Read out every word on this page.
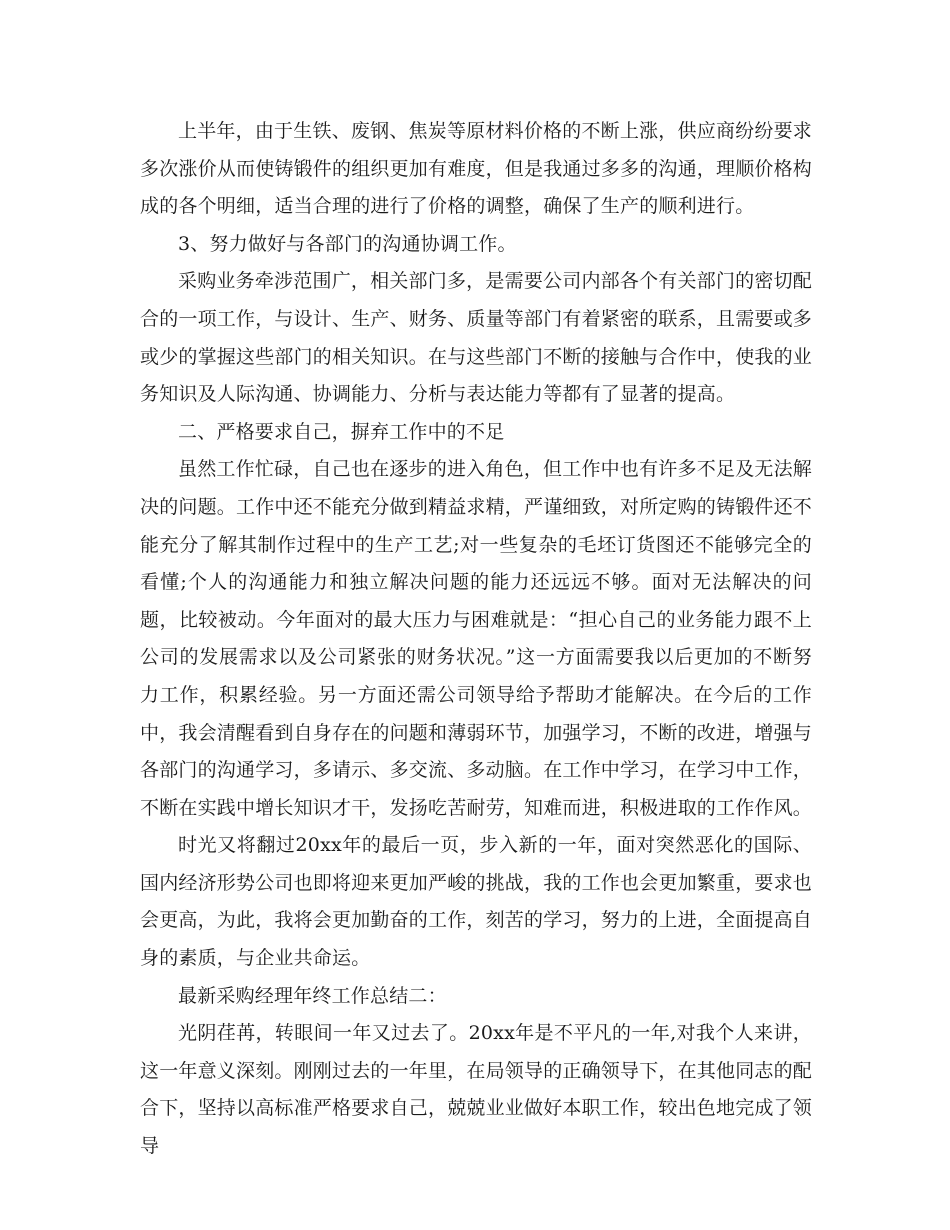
上半年，由于生铁、废钢、焦炭等原材料价格的不断上涨，供应商纷纷要求多次涨价从而使铸锻件的组织更加有难度，但是我通过多多的沟通，理顺价格构成的各个明细，适当合理的进行了价格的调整，确保了生产的顺利进行。

3、努力做好与各部门的沟通协调工作。

采购业务牵涉范围广，相关部门多，是需要公司内部各个有关部门的密切配合的一项工作，与设计、生产、财务、质量等部门有着紧密的联系，且需要或多或少的掌握这些部门的相关知识。在与这些部门不断的接触与合作中，使我的业务知识及人际沟通、协调能力、分析与表达能力等都有了显著的提高。

二、严格要求自己，摒弃工作中的不足

虽然工作忙碌，自己也在逐步的进入角色，但工作中也有许多不足及无法解决的问题。工作中还不能充分做到精益求精，严谨细致，对所定购的铸锻件还不能充分了解其制作过程中的生产工艺;对一些复杂的毛坯订货图还不能够完全的看懂;个人的沟通能力和独立解决问题的能力还远远不够。面对无法解决的问题，比较被动。今年面对的最大压力与困难就是：“担心自己的业务能力跟不上公司的发展需求以及公司紧张的财务状况。”这一方面需要我以后更加的不断努力工作，积累经验。另一方面还需公司领导给予帮助才能解决。在今后的工作中，我会清醒看到自身存在的问题和薄弱环节，加强学习，不断的改进，增强与各部门的沟通学习，多请示、多交流、多动脑。在工作中学习，在学习中工作，不断在实践中增长知识才干，发扬吃苦耐劳，知难而进，积极进取的工作作风。

时光又将翻过20xx年的最后一页，步入新的一年，面对突然恶化的国际、国内经济形势公司也即将迎来更加严峻的挑战，我的工作也会更加繁重，要求也会更高，为此，我将会更加勤奋的工作，刻苦的学习，努力的上进，全面提高自身的素质，与企业共命运。

最新采购经理年终工作总结二：

光阴荏苒，转眼间一年又过去了。20xx年是不平凡的一年,对我个人来讲，这一年意义深刻。刚刚过去的一年里，在局领导的正确领导下，在其他同志的配合下，坚持以高标准严格要求自己，兢兢业业做好本职工作，较出色地完成了领导
